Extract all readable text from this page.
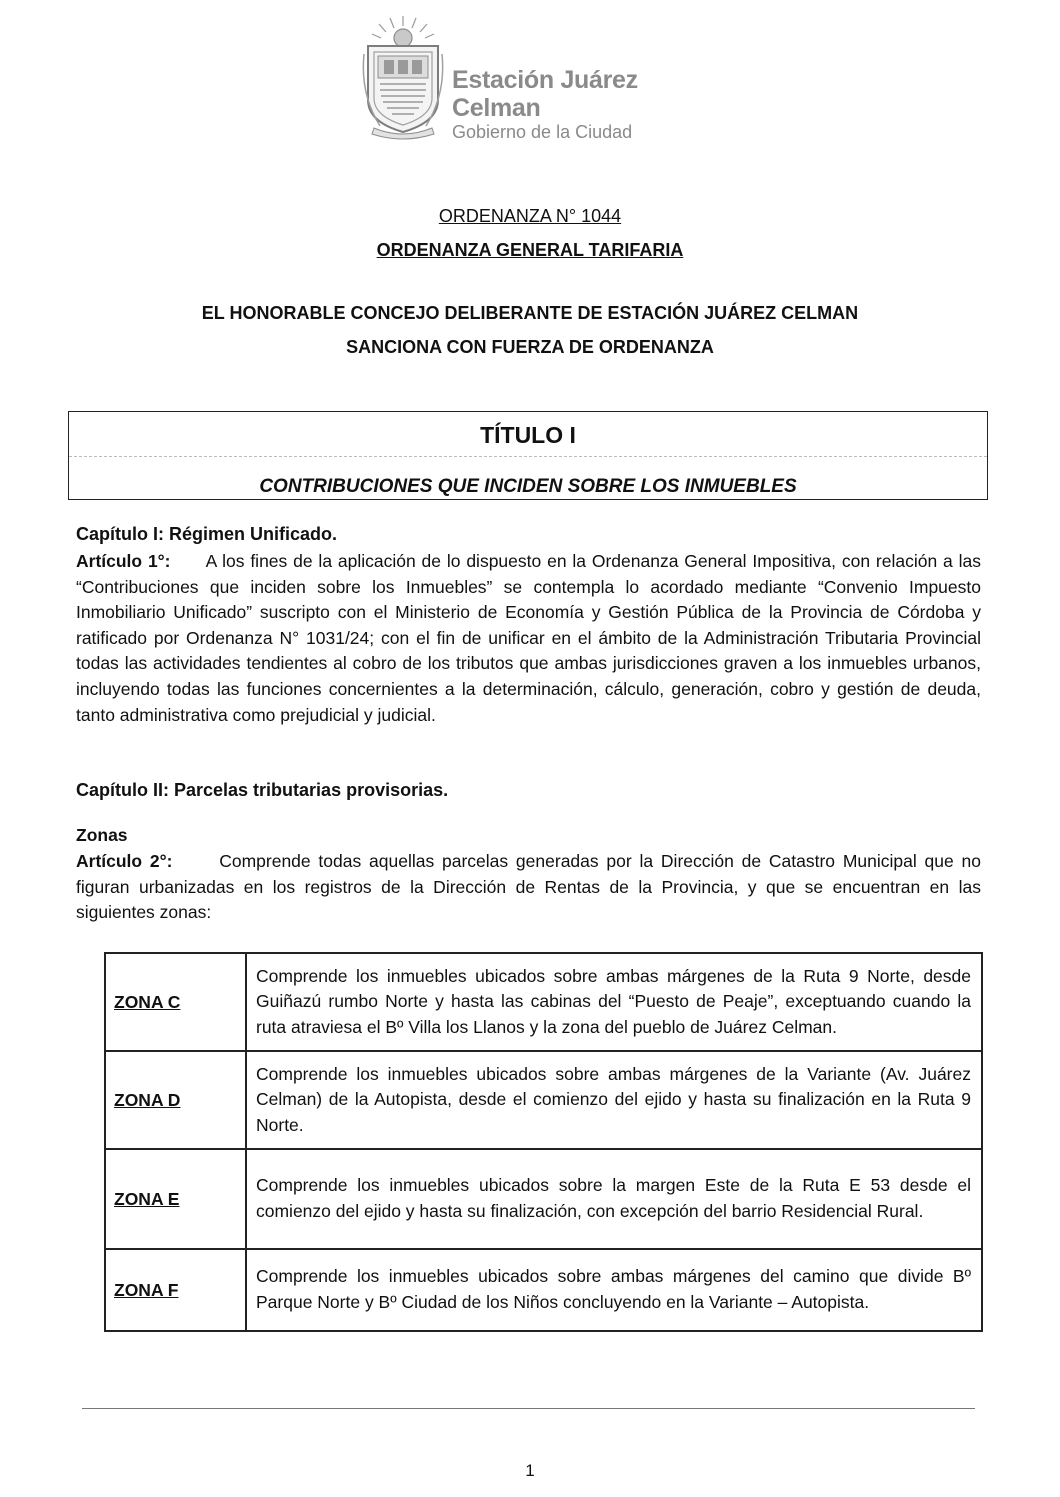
Estación Juárez Celman
Gobierno de la Ciudad
ORDENANZA N° 1044
ORDENANZA GENERAL TARIFARIA
EL HONORABLE CONCEJO DELIBERANTE DE ESTACIÓN JUÁREZ CELMAN
SANCIONA CON FUERZA DE ORDENANZA
TÍTULO I
CONTRIBUCIONES QUE INCIDEN SOBRE LOS INMUEBLES
Capítulo I: Régimen Unificado.
Artículo 1°: A los fines de la aplicación de lo dispuesto en la Ordenanza General Impositiva, con relación a las “Contribuciones que inciden sobre los Inmuebles” se contempla lo acordado mediante “Convenio Impuesto Inmobiliario Unificado” suscripto con el Ministerio de Economía y Gestión Pública de la Provincia de Córdoba y ratificado por Ordenanza N° 1031/24; con el fin de unificar en el ámbito de la Administración Tributaria Provincial todas las actividades tendientes al cobro de los tributos que ambas jurisdicciones graven a los inmuebles urbanos, incluyendo todas las funciones concernientes a la determinación, cálculo, generación, cobro y gestión de deuda, tanto administrativa como prejudicial y judicial.
Capítulo II: Parcelas tributarias provisorias.
Zonas
Artículo 2°:	Comprende todas aquellas parcelas generadas por la Dirección de Catastro Municipal que no figuran urbanizadas en los registros de la Dirección de Rentas de la Provincia, y que se encuentran en las siguientes zonas:
ZONA C	Comprende los inmuebles ubicados sobre ambas márgenes de la Ruta 9 Norte, desde Guiñazú rumbo Norte y hasta las cabinas del “Puesto de Peaje”, exceptuando cuando la ruta atraviesa el Bº Villa los Llanos y la zona del pueblo de Juárez Celman.
ZONA D	Comprende los inmuebles ubicados sobre ambas márgenes de la Variante (Av. Juárez Celman) de la Autopista, desde el comienzo del ejido y hasta su finalización en la Ruta 9 Norte.
ZONA E	Comprende los inmuebles ubicados sobre la margen Este de la Ruta E 53 desde el comienzo del ejido y hasta su finalización, con excepción del barrio Residencial Rural.
ZONA F	Comprende los inmuebles ubicados sobre ambas márgenes del camino que divide Bº Parque Norte y Bº Ciudad de los Niños concluyendo en la Variante – Autopista.
1
